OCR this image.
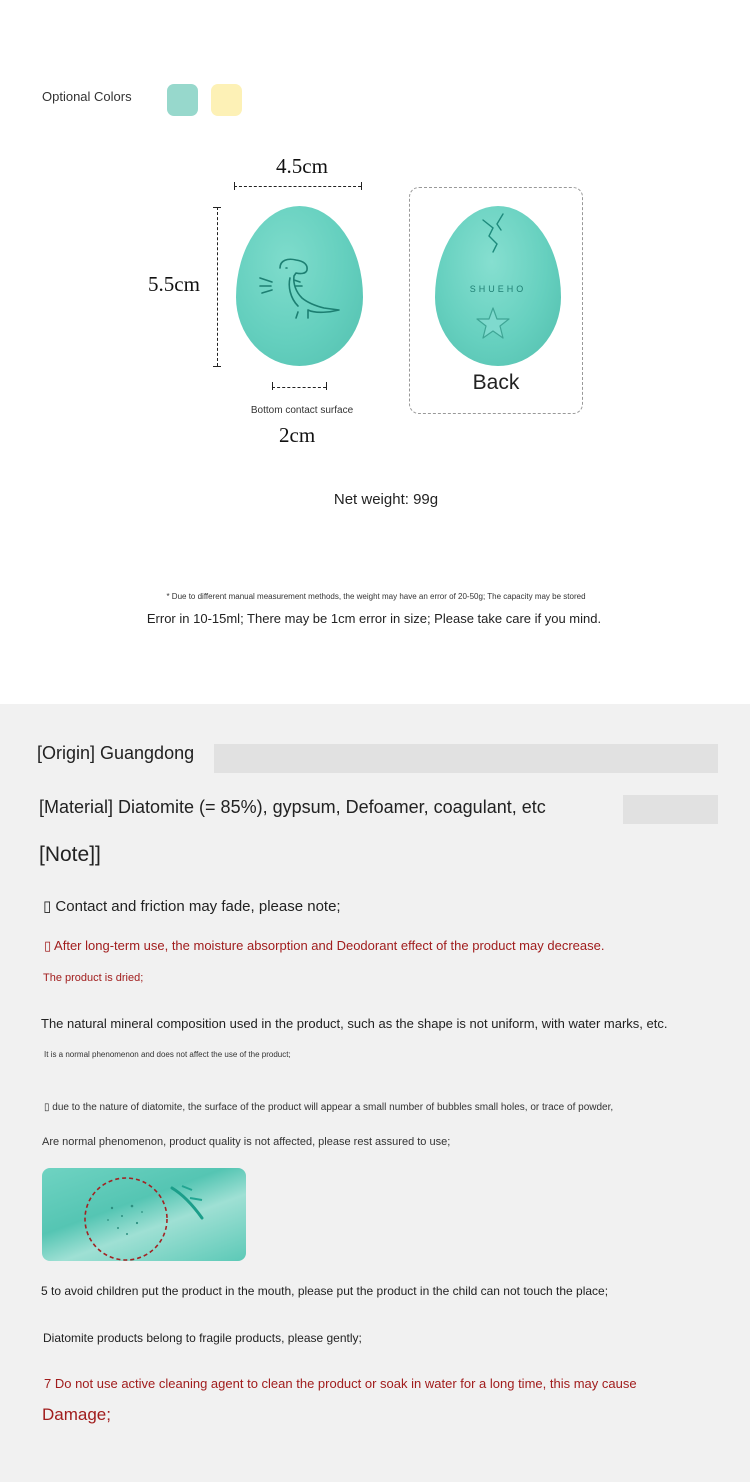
Optional Colors
4.5cm
5.5cm
Bottom contact surface
2cm
SHUEHO
Back
Net weight: 99g
* Due to different manual measurement methods, the weight may have an error of 20-50g; The capacity may be stored
Error in 10-15ml; There may be 1cm error in size; Please take care if you mind.
[Origin] Guangdong
[Material] Diatomite (= 85%), gypsum, Defoamer, coagulant, etc
[Note]]
▯ Contact and friction may fade, please note;
▯ After long-term use, the moisture absorption and Deodorant effect of the product may decrease.
The product is dried;
The natural mineral composition used in the product, such as the shape is not uniform, with water marks, etc.
It is a normal phenomenon and does not affect the use of the product;
▯ due to the nature of diatomite, the surface of the product will appear a small number of bubbles small holes, or trace of powder,
Are normal phenomenon, product quality is not affected, please rest assured to use;
5 to avoid children put the product in the mouth, please put the product in the child can not touch the place;
Diatomite products belong to fragile products, please gently;
7 Do not use active cleaning agent to clean the product or soak in water for a long time, this may cause
Damage;
